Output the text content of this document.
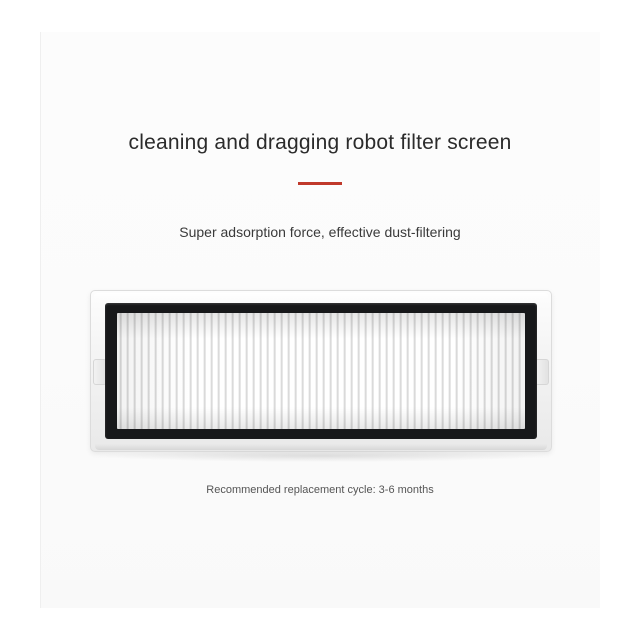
cleaning and dragging robot filter screen
Super adsorption force, effective dust-filtering
Recommended replacement cycle: 3-6 months
